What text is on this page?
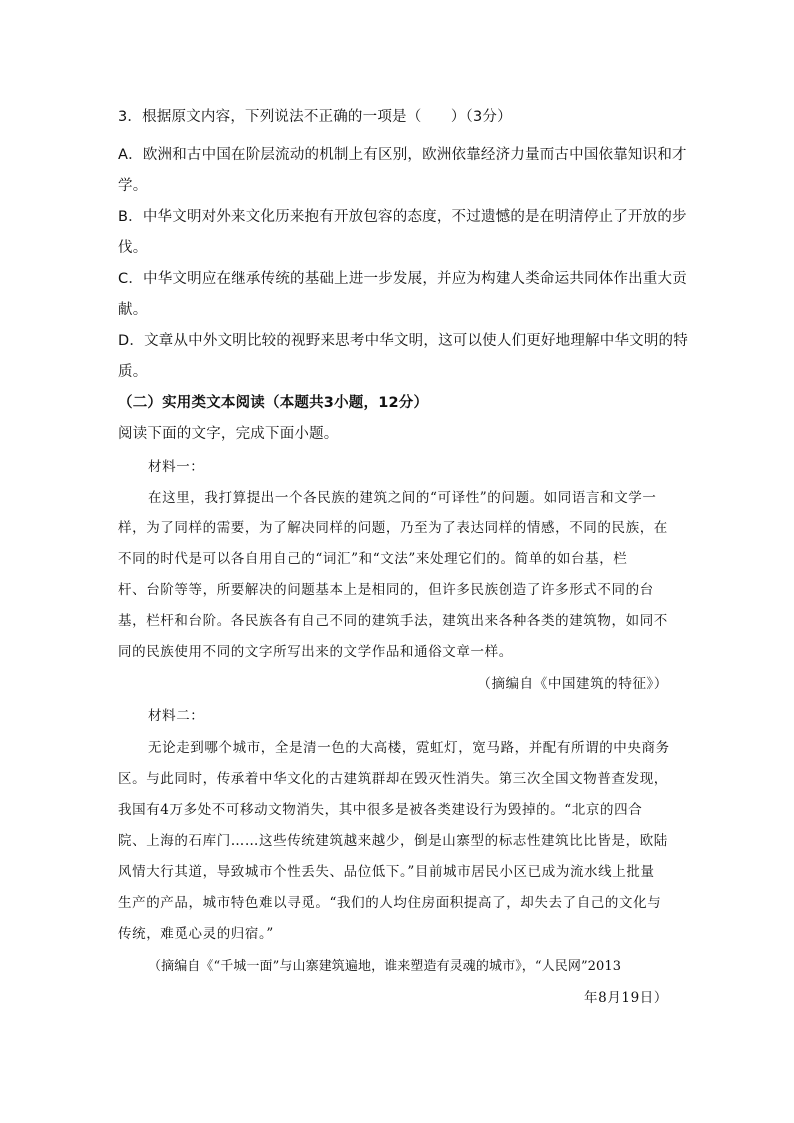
3．根据原文内容，下列说法不正确的一项是（　　）（3分）
A．欧洲和古中国在阶层流动的机制上有区别，欧洲依靠经济力量而古中国依靠知识和才
学。
B．中华文明对外来文化历来抱有开放包容的态度，不过遗憾的是在明清停止了开放的步
伐。
C．中华文明应在继承传统的基础上进一步发展，并应为构建人类命运共同体作出重大贡
献。
D．文章从中外文明比较的视野来思考中华文明，这可以使人们更好地理解中华文明的特
质。
（二）实用类文本阅读（本题共3小题，12分）
阅读下面的文字，完成下面小题。
材料一：
在这里，我打算提出一个各民族的建筑之间的“可译性”的问题。如同语言和文学一
样，为了同样的需要，为了解决同样的问题，乃至为了表达同样的情感，不同的民族，在
不同的时代是可以各自用自己的“词汇”和“文法”来处理它们的。简单的如台基，栏
杆、台阶等等，所要解决的问题基本上是相同的，但许多民族创造了许多形式不同的台
基，栏杆和台阶。各民族各有自己不同的建筑手法，建筑出来各种各类的建筑物，如同不
同的民族使用不同的文字所写出来的文学作品和通俗文章一样。
（摘编自《中国建筑的特征》）
材料二：
无论走到哪个城市，全是清一色的大高楼，霓虹灯，宽马路，并配有所谓的中央商务
区。与此同时，传承着中华文化的古建筑群却在毁灭性消失。第三次全国文物普查发现，
我国有4万多处不可移动文物消失，其中很多是被各类建设行为毁掉的。“北京的四合
院、上海的石库门……这些传统建筑越来越少，倒是山寨型的标志性建筑比比皆是，欧陆
风情大行其道，导致城市个性丢失、品位低下。”目前城市居民小区已成为流水线上批量
生产的产品，城市特色难以寻觅。“我们的人均住房面积提高了，却失去了自己的文化与
传统，难觅心灵的归宿。”
（摘编自《“千城一面”与山寨建筑遍地，谁来塑造有灵魂的城市》，“人民网”2013
年8月19日）
